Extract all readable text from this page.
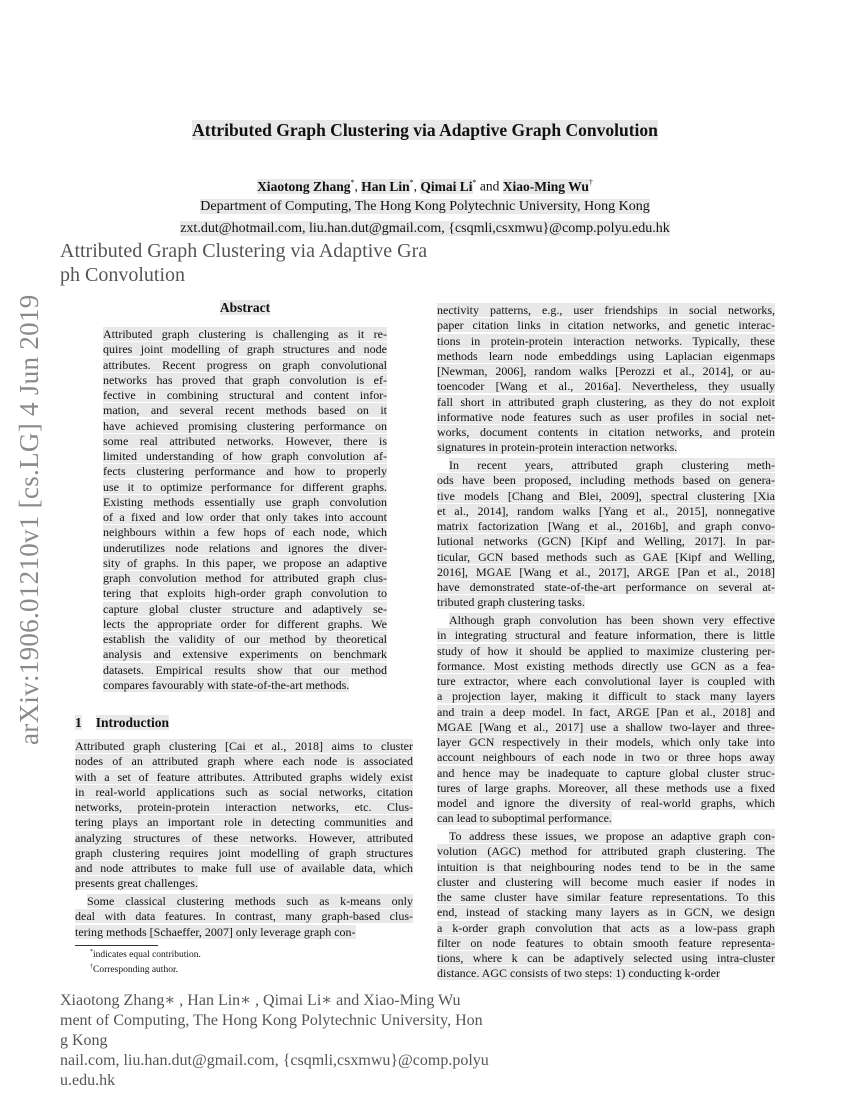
arXiv:1906.01210v1 [cs.LG] 4 Jun 2019
Attributed Graph Clustering via Adaptive Gra
ph Convolution
Xiaotong Zhang∗ , Han Lin∗ , Qimai Li∗ and Xiao-Ming Wu
ment of Computing, The Hong Kong Polytechnic University, Hon
g Kong
nail.com, liu.han.dut@gmail.com, {csqmli,csxmwu}@comp.polyu
u.edu.hk
Attributed Graph Clustering via Adaptive Graph Convolution
Xiaotong Zhang*, Han Lin*, Qimai Li* and Xiao-Ming Wu†
Department of Computing, The Hong Kong Polytechnic University, Hong Kong
zxt.dut@hotmail.com, liu.han.dut@gmail.com, {csqmli,csxmwu}@comp.polyu.edu.hk
Abstract
Attributed graph clustering is challenging as it re-
quires joint modelling of graph structures and node
attributes. Recent progress on graph convolutional
networks has proved that graph convolution is ef-
fective in combining structural and content infor-
mation, and several recent methods based on it
have achieved promising clustering performance on
some real attributed networks. However, there is
limited understanding of how graph convolution af-
fects clustering performance and how to properly
use it to optimize performance for different graphs.
Existing methods essentially use graph convolution
of a fixed and low order that only takes into account
neighbours within a few hops of each node, which
underutilizes node relations and ignores the diver-
sity of graphs. In this paper, we propose an adaptive
graph convolution method for attributed graph clus-
tering that exploits high-order graph convolution to
capture global cluster structure and adaptively se-
lects the appropriate order for different graphs. We
establish the validity of our method by theoretical
analysis and extensive experiments on benchmark
datasets. Empirical results show that our method
compares favourably with state-of-the-art methods.
1 Introduction
Attributed graph clustering [Cai et al., 2018] aims to cluster
nodes of an attributed graph where each node is associated
with a set of feature attributes. Attributed graphs widely exist
in real-world applications such as social networks, citation
networks, protein-protein interaction networks, etc. Clus-
tering plays an important role in detecting communities and
analyzing structures of these networks. However, attributed
graph clustering requires joint modelling of graph structures
and node attributes to make full use of available data, which
presents great challenges.
Some classical clustering methods such as k-means only
deal with data features. In contrast, many graph-based clus-
tering methods [Schaeffer, 2007] only leverage graph con-
nectivity patterns, e.g., user friendships in social networks,
paper citation links in citation networks, and genetic interac-
tions in protein-protein interaction networks. Typically, these
methods learn node embeddings using Laplacian eigenmaps
[Newman, 2006], random walks [Perozzi et al., 2014], or au-
toencoder [Wang et al., 2016a]. Nevertheless, they usually
fall short in attributed graph clustering, as they do not exploit
informative node features such as user profiles in social net-
works, document contents in citation networks, and protein
signatures in protein-protein interaction networks.
In recent years, attributed graph clustering meth-
ods have been proposed, including methods based on genera-
tive models [Chang and Blei, 2009], spectral clustering [Xia
et al., 2014], random walks [Yang et al., 2015], nonnegative
matrix factorization [Wang et al., 2016b], and graph convo-
lutional networks (GCN) [Kipf and Welling, 2017]. In par-
ticular, GCN based methods such as GAE [Kipf and Welling,
2016], MGAE [Wang et al., 2017], ARGE [Pan et al., 2018]
have demonstrated state-of-the-art performance on several at-
tributed graph clustering tasks.
Although graph convolution has been shown very effective
in integrating structural and feature information, there is little
study of how it should be applied to maximize clustering per-
formance. Most existing methods directly use GCN as a fea-
ture extractor, where each convolutional layer is coupled with
a projection layer, making it difficult to stack many layers
and train a deep model. In fact, ARGE [Pan et al., 2018] and
MGAE [Wang et al., 2017] use a shallow two-layer and three-
layer GCN respectively in their models, which only take into
account neighbours of each node in two or three hops away
and hence may be inadequate to capture global cluster struc-
tures of large graphs. Moreover, all these methods use a fixed
model and ignore the diversity of real-world graphs, which
can lead to suboptimal performance.
To address these issues, we propose an adaptive graph con-
volution (AGC) method for attributed graph clustering. The
intuition is that neighbouring nodes tend to be in the same
cluster and clustering will become much easier if nodes in
the same cluster have similar feature representations. To this
end, instead of stacking many layers as in GCN, we design
a k-order graph convolution that acts as a low-pass graph
filter on node features to obtain smooth feature representa-
tions, where k can be adaptively selected using intra-cluster
distance. AGC consists of two steps: 1) conducting k-order
*indicates equal contribution.
†Corresponding author.
